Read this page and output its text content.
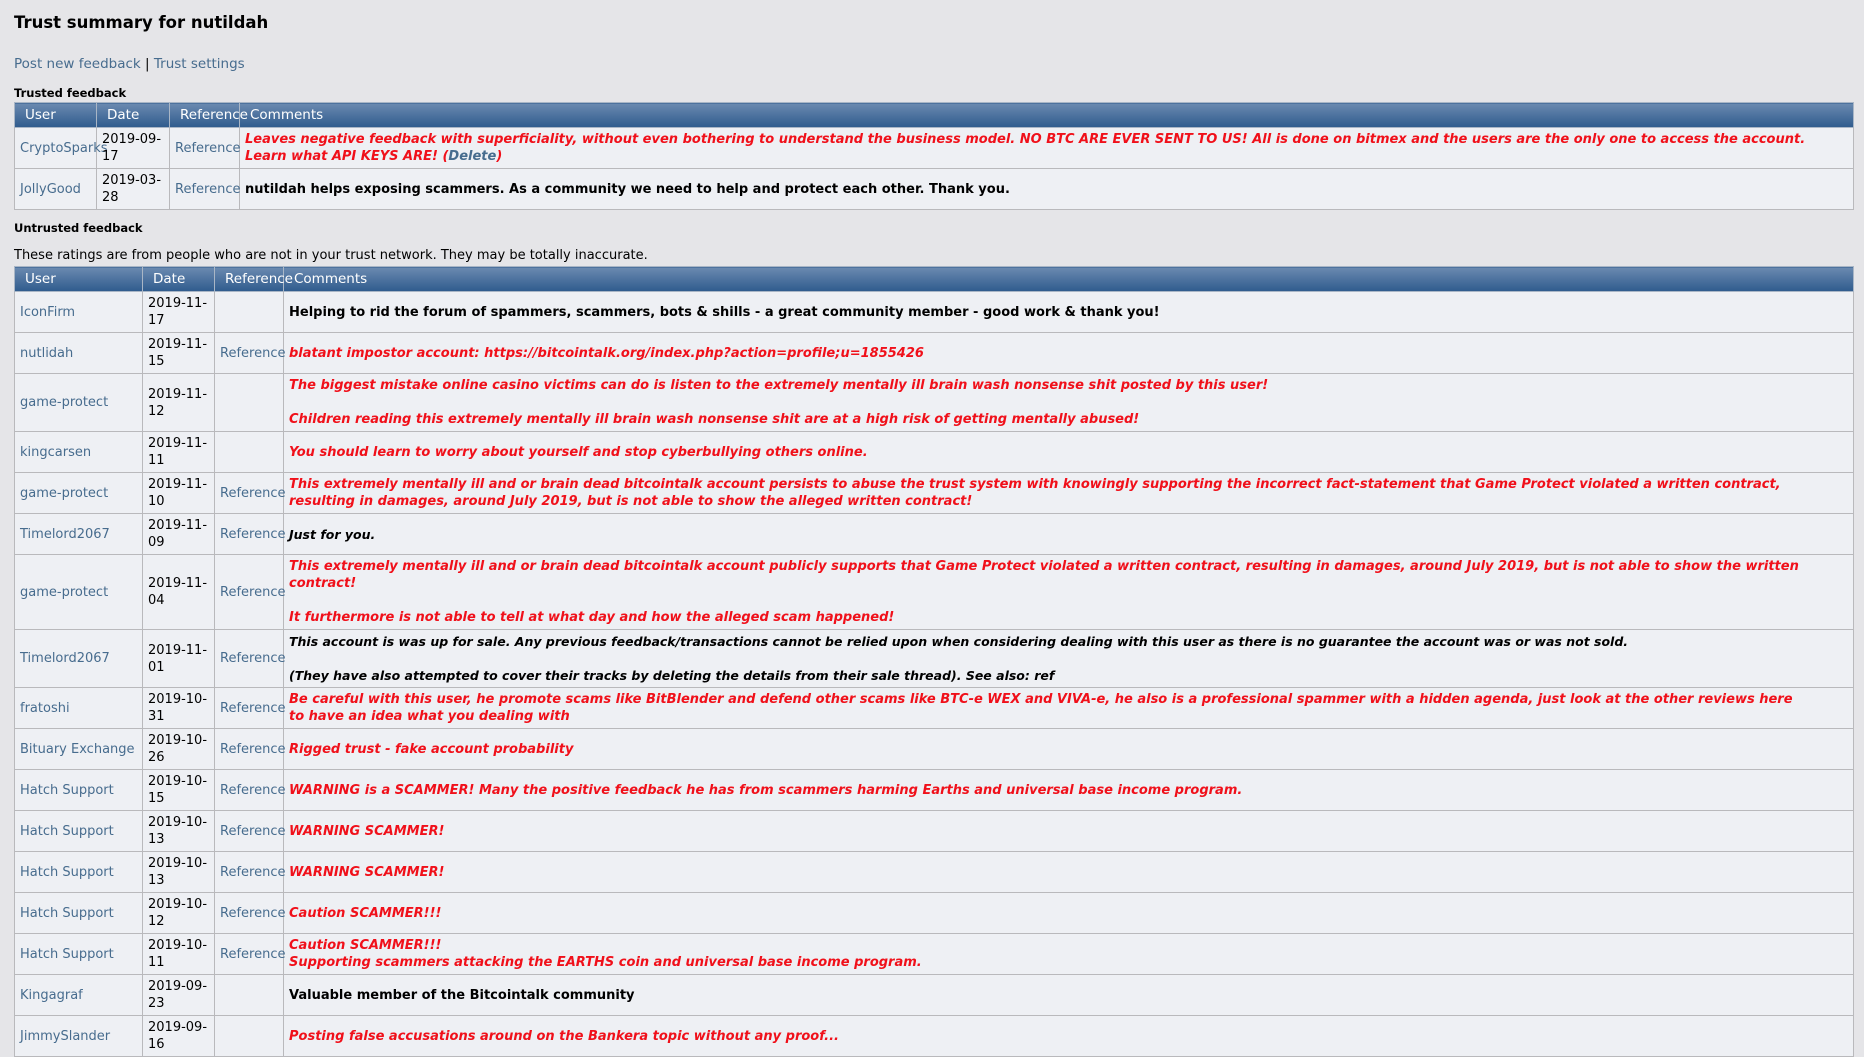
Trust summary for nutildah
Post new feedback | Trust settings
Trusted feedback
User	Date	Reference	Comments
CryptoSparks	2019-09-17	Reference	Leaves negative feedback with superficiality, without even bothering to understand the business model. NO BTC ARE EVER SENT TO US! All is done on bitmex and the users are the only one to access the account.
Learn what API KEYS ARE! (Delete)
JollyGood	2019-03-28	Reference	nutildah helps exposing scammers. As a community we need to help and protect each other. Thank you.
Untrusted feedback
These ratings are from people who are not in your trust network. They may be totally inaccurate.
User	Date	Reference	Comments
IconFirm	2019-11-17		Helping to rid the forum of spammers, scammers, bots & shills - a great community member - good work & thank you!
nutlidah	2019-11-15	Reference	blatant impostor account: https://bitcointalk.org/index.php?action=profile;u=1855426
game-protect	2019-11-12		The biggest mistake online casino victims can do is listen to the extremely mentally ill brain wash nonsense shit posted by this user!

Children reading this extremely mentally ill brain wash nonsense shit are at a high risk of getting mentally abused!
kingcarsen	2019-11-11		You should learn to worry about yourself and stop cyberbullying others online.
game-protect	2019-11-10	Reference	This extremely mentally ill and or brain dead bitcointalk account persists to abuse the trust system with knowingly supporting the incorrect fact-statement that Game Protect violated a written contract,
resulting in damages, around July 2019, but is not able to show the alleged written contract!
Timelord2067	2019-11-09	Reference	Just for you.
game-protect	2019-11-04	Reference	This extremely mentally ill and or brain dead bitcointalk account publicly supports that Game Protect violated a written contract, resulting in damages, around July 2019, but is not able to show the written
contract!

It furthermore is not able to tell at what day and how the alleged scam happened!
Timelord2067	2019-11-01	Reference	This account is was up for sale. Any previous feedback/transactions cannot be relied upon when considering dealing with this user as there is no guarantee the account was or was not sold.

(They have also attempted to cover their tracks by deleting the details from their sale thread). See also: ref
fratoshi	2019-10-31	Reference	Be careful with this user, he promote scams like BitBlender and defend other scams like BTC-e WEX and VIVA-e, he also is a professional spammer with a hidden agenda, just look at the other reviews here
to have an idea what you dealing with
Bituary Exchange	2019-10-26	Reference	Rigged trust - fake account probability
Hatch Support	2019-10-15	Reference	WARNING is a SCAMMER! Many the positive feedback he has from scammers harming Earths and universal base income program.
Hatch Support	2019-10-13	Reference	WARNING SCAMMER!
Hatch Support	2019-10-13	Reference	WARNING SCAMMER!
Hatch Support	2019-10-12	Reference	Caution SCAMMER!!!
Hatch Support	2019-10-11	Reference	Caution SCAMMER!!!
Supporting scammers attacking the EARTHS coin and universal base income program.
Kingagraf	2019-09-23		Valuable member of the Bitcointalk community
JimmySlander	2019-09-16		Posting false accusations around on the Bankera topic without any proof...
